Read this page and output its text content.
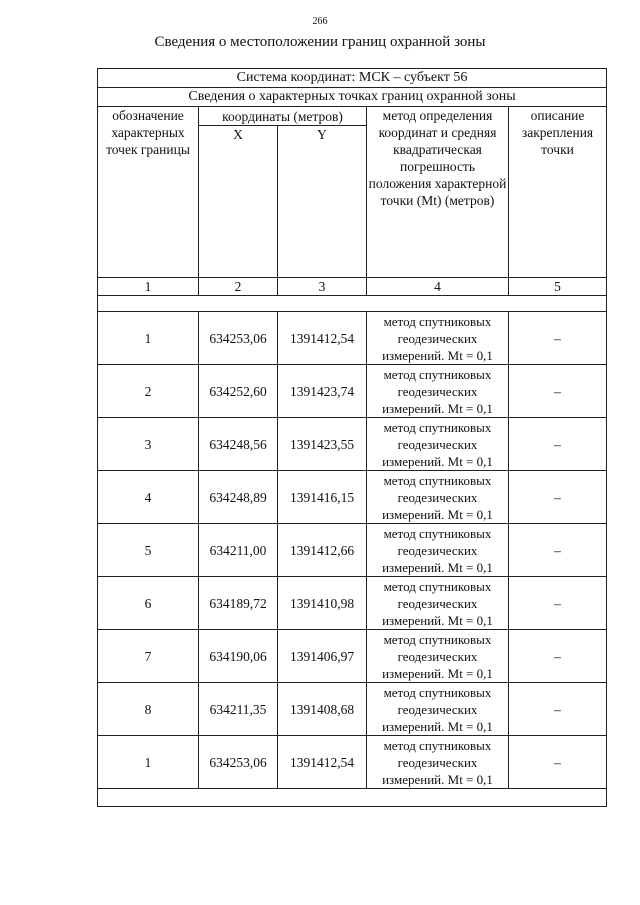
266
Сведения о местоположении границ охранной зоны
Система координат: МСК – субъект 56				
Сведения о характерных точках границ охранной зоны				
обозначение характерных точек границы	координаты (метров)		метод определения координат и средняя квадратическая погрешность положения характерной точки (Mt) (метров)	описание закрепления точки
	X	Y		
1	2	3	4	5

1	634253,06	1391412,54	метод спутниковых геодезических измерений. Mt = 0,1	–
2	634252,60	1391423,74	метод спутниковых геодезических измерений. Mt = 0,1	–
3	634248,56	1391423,55	метод спутниковых геодезических измерений. Mt = 0,1	–
4	634248,89	1391416,15	метод спутниковых геодезических измерений. Mt = 0,1	–
5	634211,00	1391412,66	метод спутниковых геодезических измерений. Mt = 0,1	–
6	634189,72	1391410,98	метод спутниковых геодезических измерений. Mt = 0,1	–
7	634190,06	1391406,97	метод спутниковых геодезических измерений. Mt = 0,1	–
8	634211,35	1391408,68	метод спутниковых геодезических измерений. Mt = 0,1	–
1	634253,06	1391412,54	метод спутниковых геодезических измерений. Mt = 0,1	–
